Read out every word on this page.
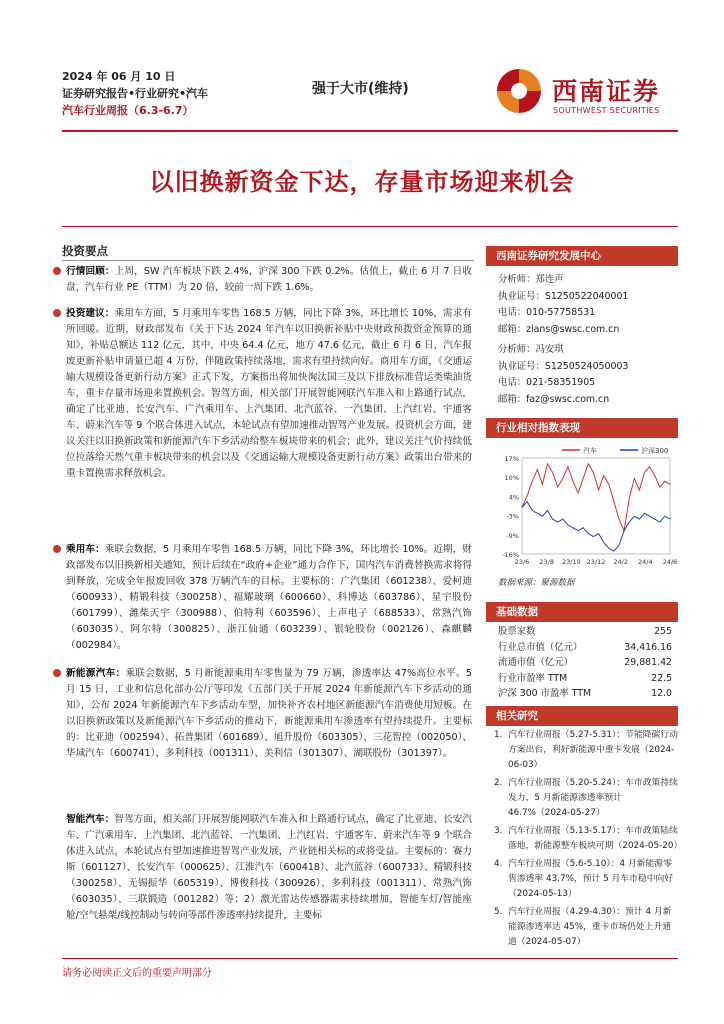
2024 年 06 月 10 日
证券研究报告•行业研究•汽车
汽车行业周报（6.3-6.7）
强于大市(维持)	西南证券
SOUTHWEST SECURITIES
以旧换新资金下达，存量市场迎来机会
投资要点
行情回顾：上周，SW 汽车板块下跌 2.4%，沪深 300 下跌 0.2%。估值上，截止 6 月 7 日收盘，汽车行业 PE（TTM）为 20 倍，较前一周下跌 1.6%。
投资建议：乘用车方面，5 月乘用车零售 168.5 万辆，同比下降 3%，环比增长 10%，需求有所回暖。近期，财政部发布《关于下达 2024 年汽车以旧换新补贴中央财政预拨资金预算的通知》，补贴总额达 112 亿元，其中，中央 64.4 亿元，地方 47.6 亿元，截止 6 月 6 日，汽车报废更新补贴申请量已超 4 万份，伴随政策持续落地，需求有望持续向好。商用车方面，《交通运输大规模设备更新行动方案》正式下发，方案指出将加快淘汰国三及以下排放标准营运类柴油货车，重卡存量市场迎来置换机会。智驾方面，相关部门开展智能网联汽车准入和上路通行试点，确定了比亚迪、长安汽车、广汽乘用车、上汽集团、北汽蓝谷、一汽集团、上汽红岩、宇通客车、蔚来汽车等 9 个联合体进入试点，本轮试点有望加速推动智驾产业发展。投资机会方面，建议关注以旧换新政策和新能源汽车下乡活动给整车板块带来的机会；此外，建议关注气价持续低位拉落给天然气重卡板块带来的机会以及《交通运输大规模设备更新行动方案》政策出台带来的重卡置换需求释放机会。
乘用车：乘联会数据，5 月乘用车零售 168.5 万辆，同比下降 3%，环比增长 10%。近期，财政部发布以旧换新相关通知，预计后续在“政府+企业”通力合作下，国内汽车消费替换需求将得到释放，完成全年报废回收 378 万辆汽车的目标。主要标的：广汽集团（601238）、爱柯迪（600933）、精锻科技（300258）、福耀玻璃（600660）、科博达（603786）、星宇股份（601799）、潍柴天宇（300988）、伯特利（603596）、上声电子（688533）、常熟汽饰（603035）、阿尔特（300825）、浙江仙通（603239）、银轮股份（002126）、森麒麟（002984）。
新能源汽车：乘联会数据，5 月新能源乘用车零售量为 79 万辆，渗透率达 47%高位水平。5 月 15 日，工业和信息化部办公厅等印发《五部门关于开展 2024 年新能源汽车下乡活动的通知》，公布 2024 年新能源汽车下乡活动车型，加快补齐农村地区新能源汽车消费使用短板。在以旧换新政策以及新能源汽车下乡活动的推动下，新能源乘用车渗透率有望持续提升。主要标的：比亚迪（002594）、拓普集团（601689）、旭升股份（603305）、三花智控（002050）、华域汽车（600741）、多利科技（001311）、美利信（301307）、湖联股份（301397）。
智能汽车：智驾方面，相关部门开展智能网联汽车准入和上路通行试点，确定了比亚迪、长安汽车、广汽乘用车、上汽集团、北汽蓝谷、一汽集团、上汽红岩、宇通客车、蔚来汽车等 9 个联合体进入试点，本轮试点有望加速推进智驾产业发展，产业链相关标的或将受益。主要标的：赛力斯（601127）、长安汽车（000625）、江淮汽车（600418）、北汽蓝谷（600733）、精锻科技（300258）、无锡振华（605319）、博俊科技（300926）、多利科技（001311）、常熟汽饰（603035）、三联锻造（001282）等；2）激光雷达传感器需求持续增加，智能车灯/智能座舱/空气悬架/线控制动与转向等部件渗透率持续提升，主要标
西南证券研究发展中心
分析师：郑连声
执业证号：S1250522040001
电话：010-57758531
邮箱：zlans@swsc.com.cn
分析师：冯安琪
执业证号：S1250524050003
电话：021-58351905
邮箱：faz@swsc.com.cn
行业相对指数表现
17%
10%
4%
-3%
-9%
-16%
23/6 23/8 23/10 23/12 24/2 24/4 24/6
汽车	沪深300
数据来源：聚源数据
基础数据
股票家数	255
行业总市值（亿元）	34,416.16
流通市值（亿元）	29,881.42
行业市盈率 TTM	22.5
沪深 300 市盈率 TTM	12.0
相关研究
1. 汽车行业周报（5.27-5.31）：节能降碳行动方案出台，利好新能源中重卡发展（2024-06-03）
2. 汽车行业周报（5.20-5.24）：车市政策持续发力，5 月新能源渗透率预计 46.7%（2024-05-27）
3. 汽车行业周报（5.13-5.17）：车市政策陆续落地，新能源整车板块可期（2024-05-20）
4. 汽车行业周报（5.6-5.10）：4 月新能源零售渗透率 43.7%，预计 5 月车市稳中向好（2024-05-13）
5. 汽车行业周报（4.29-4.30）：预计 4 月新能源渗透率达 45%，重卡市场仍处上升通道（2024-05-07）
请务必阅读正文后的重要声明部分
